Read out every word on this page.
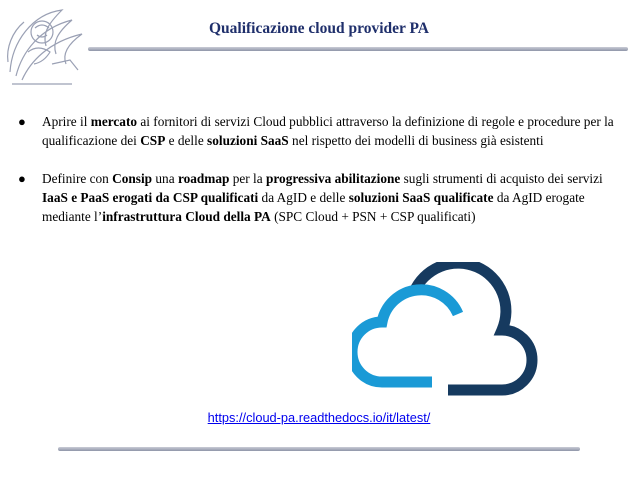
Qualificazione cloud provider PA
● Aprire il mercato ai fornitori di servizi Cloud pubblici attraverso la definizione di regole e procedure per la qualificazione dei CSP e delle soluzioni SaaS nel rispetto dei modelli di business già esistenti
● Definire con Consip una roadmap per la progressiva abilitazione sugli strumenti di acquisto dei servizi IaaS e PaaS erogati da CSP qualificati da AgID e delle soluzioni SaaS qualificate da AgID erogate mediante l’infrastruttura Cloud della PA (SPC Cloud + PSN + CSP qualificati)
https://cloud-pa.readthedocs.io/it/latest/
